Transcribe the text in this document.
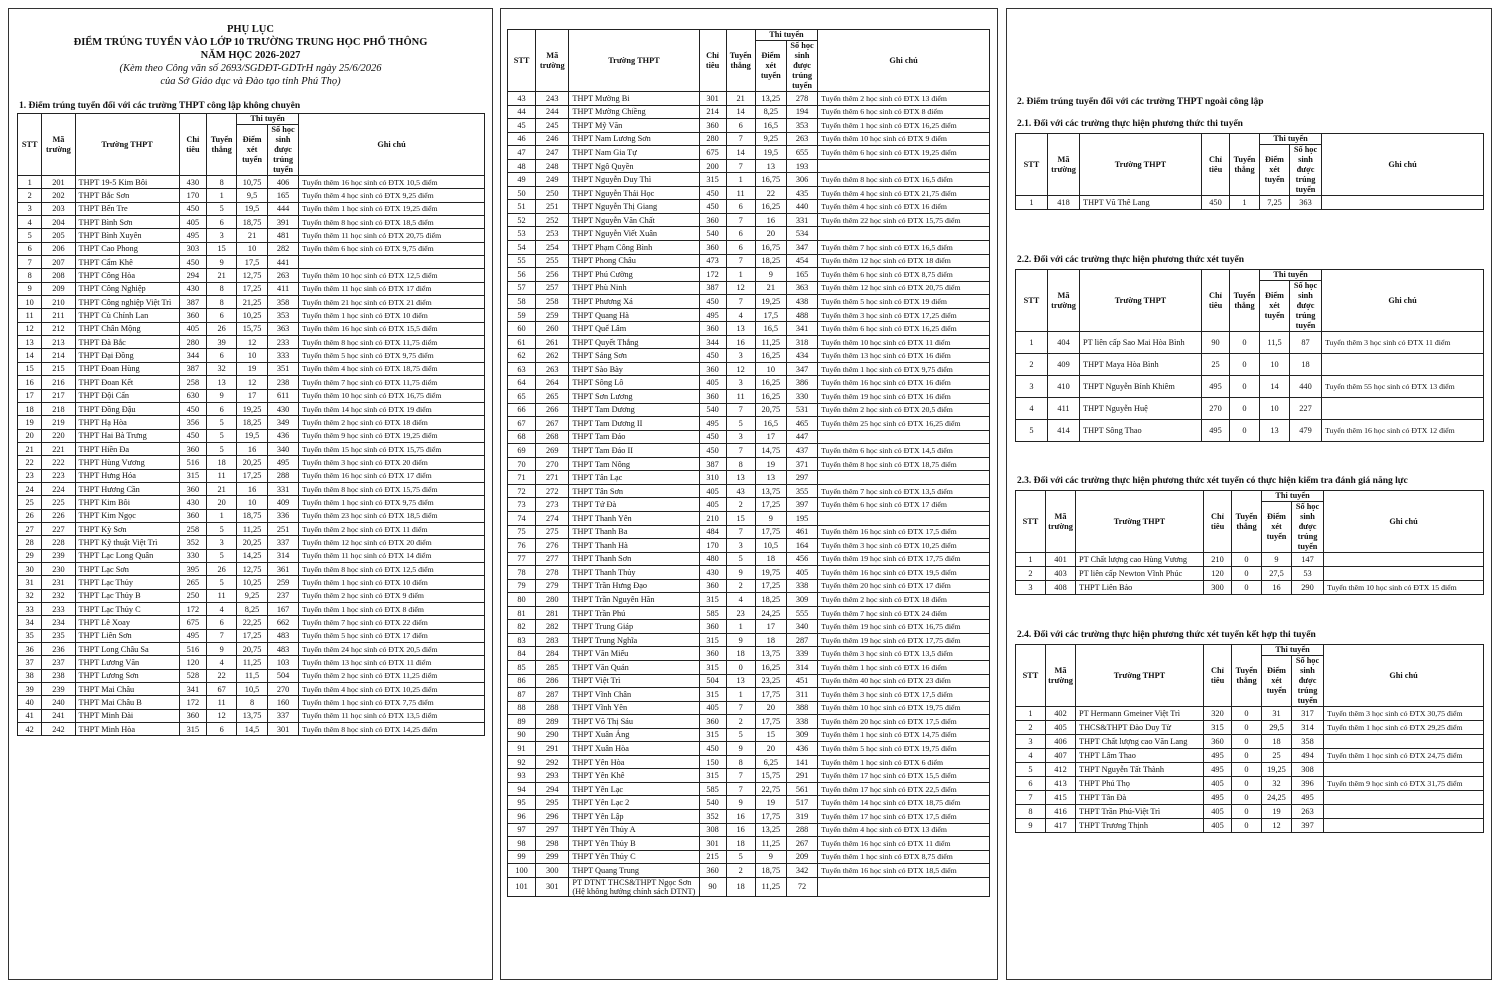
PHỤ LỤC
ĐIỂM TRÚNG TUYỂN VÀO LỚP 10 TRƯỜNG TRUNG HỌC PHỔ THÔNG
NĂM HỌC 2026-2027
(Kèm theo Công văn số 2693/SGDĐT-GDTrH ngày 25/6/2026
của Sở Giáo dục và Đào tạo tỉnh Phú Thọ)
1. Điểm trúng tuyển đối với các trường THPT công lập không chuyên
STT	Mã trường	Trường THPT	Chỉ tiêu	Tuyển thẳng	Thi tuyển		Ghi chú
					Điểm xét tuyển	Số học sinh được trúng tuyển	
1	201	THPT 19-5 Kim Bôi	430	8	10,75	406	Tuyển thêm 16 học sinh có ĐTX 10,5 điểm
2	202	THPT Bắc Sơn	170	1	9,5	165	Tuyển thêm 4 học sinh có ĐTX 9,25 điểm
3	203	THPT Bến Tre	450	5	19,5	444	Tuyển thêm 1 học sinh có ĐTX 19,25 điểm
4	204	THPT Bình Sơn	405	6	18,75	391	Tuyển thêm 8 học sinh có ĐTX 18,5 điểm
5	205	THPT Bình Xuyên	495	3	21	481	Tuyển thêm 11 học sinh có ĐTX 20,75 điểm
6	206	THPT Cao Phong	303	15	10	282	Tuyển thêm 6 học sinh có ĐTX 9,75 điểm
7	207	THPT Cẩm Khê	450	9	17,5	441	
8	208	THPT Công Hòa	294	21	12,75	263	Tuyển thêm 10 học sinh có ĐTX 12,5 điểm
9	209	THPT Công Nghiệp	430	8	17,25	411	Tuyển thêm 11 học sinh có ĐTX 17 điểm
10	210	THPT Công nghiệp Việt Trì	387	8	21,25	358	Tuyển thêm 21 học sinh có ĐTX 21 điểm
11	211	THPT Cù Chính Lan	360	6	10,25	353	Tuyển thêm 1 học sinh có ĐTX 10 điểm
12	212	THPT Chân Mộng	405	26	15,75	363	Tuyển thêm 16 học sinh có ĐTX 15,5 điểm
13	213	THPT Đà Bắc	280	39	12	233	Tuyển thêm 8 học sinh có ĐTX 11,75 điểm
14	214	THPT Đại Đồng	344	6	10	333	Tuyển thêm 5 học sinh có ĐTX 9,75 điểm
15	215	THPT Đoan Hùng	387	32	19	351	Tuyển thêm 4 học sinh có ĐTX 18,75 điểm
16	216	THPT Đoan Kết	258	13	12	238	Tuyển thêm 7 học sinh có ĐTX 11,75 điểm
17	217	THPT Đội Cấn	630	9	17	611	Tuyển thêm 10 học sinh có ĐTX 16,75 điểm
18	218	THPT Đồng Đậu	450	6	19,25	430	Tuyển thêm 14 học sinh có ĐTX 19 điểm
19	219	THPT Hạ Hòa	356	5	18,25	349	Tuyển thêm 2 học sinh có ĐTX 18 điểm
20	220	THPT Hai Bà Trưng	450	5	19,5	436	Tuyển thêm 9 học sinh có ĐTX 19,25 điểm
21	221	THPT Hiền Đa	360	5	16	340	Tuyển thêm 15 học sinh có ĐTX 15,75 điểm
22	222	THPT Hùng Vương	516	18	20,25	495	Tuyển thêm 3 học sinh có ĐTX 20 điểm
23	223	THPT Hưng Hóa	315	11	17,25	288	Tuyển thêm 16 học sinh có ĐTX 17 điểm
24	224	THPT Hương Cần	360	21	16	331	Tuyển thêm 8 học sinh có ĐTX 15,75 điểm
25	225	THPT Kim Bôi	430	20	10	409	Tuyển thêm 1 học sinh có ĐTX 9,75 điểm
26	226	THPT Kim Ngọc	360	1	18,75	336	Tuyển thêm 23 học sinh có ĐTX 18,5 điểm
27	227	THPT Kỳ Sơn	258	5	11,25	251	Tuyển thêm 2 học sinh có ĐTX 11 điểm
28	228	THPT Kỹ thuật Việt Trì	352	3	20,25	337	Tuyển thêm 12 học sinh có ĐTX 20 điểm
29	239	THPT Lạc Long Quân	330	5	14,25	314	Tuyển thêm 11 học sinh có ĐTX 14 điểm
30	230	THPT Lạc Sơn	395	26	12,75	361	Tuyển thêm 8 học sinh có ĐTX 12,5 điểm
31	231	THPT Lạc Thủy	265	5	10,25	259	Tuyển thêm 1 học sinh có ĐTX 10 điểm
32	232	THPT Lạc Thủy B	250	11	9,25	237	Tuyển thêm 2 học sinh có ĐTX 9 điểm
33	233	THPT Lạc Thủy C	172	4	8,25	167	Tuyển thêm 1 học sinh có ĐTX 8 điểm
34	234	THPT Lê Xoay	675	6	22,25	662	Tuyển thêm 7 học sinh có ĐTX 22 điểm
35	235	THPT Liên Sơn	495	7	17,25	483	Tuyển thêm 5 học sinh có ĐTX 17 điểm
36	236	THPT Long Châu Sa	516	9	20,75	483	Tuyển thêm 24 học sinh có ĐTX 20,5 điểm
37	237	THPT Lương Văn	120	4	11,25	103	Tuyển thêm 13 học sinh có ĐTX 11 điểm
38	238	THPT Lương Sơn	528	22	11,5	504	Tuyển thêm 2 học sinh có ĐTX 11,25 điểm
39	239	THPT Mai Châu	341	67	10,5	270	Tuyển thêm 4 học sinh có ĐTX 10,25 điểm
40	240	THPT Mai Châu B	172	11	8	160	Tuyển thêm 1 học sinh có ĐTX 7,75 điểm
41	241	THPT Minh Đài	360	12	13,75	337	Tuyển thêm 11 học sinh có ĐTX 13,5 điểm
42	242	THPT Minh Hòa	315	6	14,5	301	Tuyển thêm 8 học sinh có ĐTX 14,25 điểm
STT	Mã trường	Trường THPT	Chỉ tiêu	Tuyển thẳng	Thi tuyển		Ghi chú
					Điểm xét tuyển	Số học sinh được trúng tuyển	
43	243	THPT Mường Bi	301	21	13,25	278	Tuyển thêm 2 học sinh có ĐTX 13 điểm
44	244	THPT Mường Chiềng	214	14	8,25	194	Tuyển thêm 6 học sinh có ĐTX 8 điểm
45	245	THPT Mỹ Văn	360	6	16,5	353	Tuyển thêm 1 học sinh có ĐTX 16,25 điểm
46	246	THPT Nam Lương Sơn	280	7	9,25	263	Tuyển thêm 10 học sinh có ĐTX 9 điểm
47	247	THPT Nam Gia Tự	675	14	19,5	655	Tuyển thêm 6 học sinh có ĐTX 19,25 điểm
48	248	THPT Ngô Quyền	200	7	13	193	
49	249	THPT Nguyễn Duy Thì	315	1	16,75	306	Tuyển thêm 8 học sinh có ĐTX 16,5 điểm
50	250	THPT Nguyễn Thái Học	450	11	22	435	Tuyển thêm 4 học sinh có ĐTX 21,75 điểm
51	251	THPT Nguyễn Thị Giang	450	6	16,25	440	Tuyển thêm 4 học sinh có ĐTX 16 điểm
52	252	THPT Nguyễn Văn Chất	360	7	16	331	Tuyển thêm 22 học sinh có ĐTX 15,75 điểm
53	253	THPT Nguyễn Viết Xuân	540	6	20	534	
54	254	THPT Phạm Công Bình	360	6	16,75	347	Tuyển thêm 7 học sinh có ĐTX 16,5 điểm
55	255	THPT Phong Châu	473	7	18,25	454	Tuyển thêm 12 học sinh có ĐTX 18 điểm
56	256	THPT Phú Cường	172	1	9	165	Tuyển thêm 6 học sinh có ĐTX 8,75 điểm
57	257	THPT Phù Ninh	387	12	21	363	Tuyển thêm 12 học sinh có ĐTX 20,75 điểm
58	258	THPT Phương Xá	450	7	19,25	438	Tuyển thêm 5 học sinh có ĐTX 19 điểm
59	259	THPT Quang Hà	495	4	17,5	488	Tuyển thêm 3 học sinh có ĐTX 17,25 điểm
60	260	THPT Quế Lâm	360	13	16,5	341	Tuyển thêm 6 học sinh có ĐTX 16,25 điểm
61	261	THPT Quyết Thắng	344	16	11,25	318	Tuyển thêm 10 học sinh có ĐTX 11 điểm
62	262	THPT Sáng Sơn	450	3	16,25	434	Tuyển thêm 13 học sinh có ĐTX 16 điểm
63	263	THPT Sào Bày	360	12	10	347	Tuyển thêm 1 học sinh có ĐTX 9,75 điểm
64	264	THPT Sông Lô	405	3	16,25	386	Tuyển thêm 16 học sinh có ĐTX 16 điểm
65	265	THPT Sơn Lương	360	11	16,25	330	Tuyển thêm 19 học sinh có ĐTX 16 điểm
66	266	THPT Tam Dương	540	7	20,75	531	Tuyển thêm 2 học sinh có ĐTX 20,5 điểm
67	267	THPT Tam Dương II	495	5	16,5	465	Tuyển thêm 25 học sinh có ĐTX 16,25 điểm
68	268	THPT Tam Đảo	450	3	17	447	
69	269	THPT Tam Đảo II	450	7	14,75	437	Tuyển thêm 6 học sinh có ĐTX 14,5 điểm
70	270	THPT Tam Nông	387	8	19	371	Tuyển thêm 8 học sinh có ĐTX 18,75 điểm
71	271	THPT Tân Lạc	310	13	13	297	
72	272	THPT Tân Sơn	405	43	13,75	355	Tuyển thêm 7 học sinh có ĐTX 13,5 điểm
73	273	THPT Tứ Đà	405	2	17,25	397	Tuyển thêm 6 học sinh có ĐTX 17 điểm
74	274	THPT Thanh Yên	210	15	9	195	
75	275	THPT Thanh Ba	484	7	17,75	461	Tuyển thêm 16 học sinh có ĐTX 17,5 điểm
76	276	THPT Thanh Hà	170	3	10,5	164	Tuyển thêm 3 học sinh có ĐTX 10,25 điểm
77	277	THPT Thanh Sơn	480	5	18	456	Tuyển thêm 19 học sinh có ĐTX 17,75 điểm
78	278	THPT Thanh Thủy	430	9	19,75	405	Tuyển thêm 16 học sinh có ĐTX 19,5 điểm
79	279	THPT Trần Hưng Đạo	360	2	17,25	338	Tuyển thêm 20 học sinh có ĐTX 17 điểm
80	280	THPT Trần Nguyên Hãn	315	4	18,25	309	Tuyển thêm 2 học sinh có ĐTX 18 điểm
81	281	THPT Trần Phú	585	23	24,25	555	Tuyển thêm 7 học sinh có ĐTX 24 điểm
82	282	THPT Trung Giáp	360	1	17	340	Tuyển thêm 19 học sinh có ĐTX 16,75 điểm
83	283	THPT Trung Nghĩa	315	9	18	287	Tuyển thêm 19 học sinh có ĐTX 17,75 điểm
84	284	THPT Văn Miếu	360	18	13,75	339	Tuyển thêm 3 học sinh có ĐTX 13,5 điểm
85	285	THPT Văn Quán	315	0	16,25	314	Tuyển thêm 1 học sinh có ĐTX 16 điểm
86	286	THPT Việt Trì	504	13	23,25	451	Tuyển thêm 40 học sinh có ĐTX 23 điểm
87	287	THPT Vĩnh Chân	315	1	17,75	311	Tuyển thêm 3 học sinh có ĐTX 17,5 điểm
88	288	THPT Vĩnh Yên	405	7	20	388	Tuyển thêm 10 học sinh có ĐTX 19,75 điểm
89	289	THPT Võ Thị Sáu	360	2	17,75	338	Tuyển thêm 20 học sinh có ĐTX 17,5 điểm
90	290	THPT Xuân Áng	315	5	15	309	Tuyển thêm 1 học sinh có ĐTX 14,75 điểm
91	291	THPT Xuân Hòa	450	9	20	436	Tuyển thêm 5 học sinh có ĐTX 19,75 điểm
92	292	THPT Yên Hòa	150	8	6,25	141	Tuyển thêm 1 học sinh có ĐTX 6 điểm
93	293	THPT Yên Khê	315	7	15,75	291	Tuyển thêm 17 học sinh có ĐTX 15,5 điểm
94	294	THPT Yên Lạc	585	7	22,75	561	Tuyển thêm 17 học sinh có ĐTX 22,5 điểm
95	295	THPT Yên Lạc 2	540	9	19	517	Tuyển thêm 14 học sinh có ĐTX 18,75 điểm
96	296	THPT Yên Lập	352	16	17,75	319	Tuyển thêm 17 học sinh có ĐTX 17,5 điểm
97	297	THPT Yên Thủy A	308	16	13,25	288	Tuyển thêm 4 học sinh có ĐTX 13 điểm
98	298	THPT Yên Thủy B	301	18	11,25	267	Tuyển thêm 16 học sinh có ĐTX 11 điểm
99	299	THPT Yên Thủy C	215	5	9	209	Tuyển thêm 1 học sinh có ĐTX 8,75 điểm
100	300	THPT Quang Trung	360	2	18,75	342	Tuyển thêm 16 học sinh có ĐTX 18,5 điểm
101	301	PT DTNT THCS&THPT Ngọc Sơn (Hệ không hưởng chính sách DTNT)	90	18	11,25	72	
2. Điểm trúng tuyển đối với các trường THPT ngoài công lập
2.1. Đối với các trường thực hiện phương thức thi tuyển
STT	Mã trường	Trường THPT	Chỉ tiêu	Tuyển thẳng	Thi tuyển		Ghi chú
					Điểm xét tuyển	Số học sinh được trúng tuyển	
1	418	THPT Vũ Thê Lang	450	1	7,25	363	
2.2. Đối với các trường thực hiện phương thức xét tuyển
STT	Mã trường	Trường THPT	Chỉ tiêu	Tuyển thẳng	Thi tuyển		Ghi chú
					Điểm xét tuyển	Số học sinh được trúng tuyển	
1	404	PT liên cấp Sao Mai Hòa Bình	90	0	11,5	87	Tuyển thêm 3 học sinh có ĐTX 11 điểm
2	409	THPT Maya Hòa Bình	25	0	10	18	
3	410	THPT Nguyễn Bỉnh Khiêm	495	0	14	440	Tuyển thêm 55 học sinh có ĐTX 13 điểm
4	411	THPT Nguyễn Huệ	270	0	10	227	
5	414	THPT Sông Thao	495	0	13	479	Tuyển thêm 16 học sinh có ĐTX 12 điểm
2.3. Đối với các trường thực hiện phương thức xét tuyển có thực hiện kiểm tra đánh giá năng lực
STT	Mã trường	Trường THPT	Chỉ tiêu	Tuyển thẳng	Thi tuyển		Ghi chú
					Điểm xét tuyển	Số học sinh được trúng tuyển	
1	401	PT Chất lượng cao Hùng Vương	210	0	9	147	
2	403	PT liên cấp Newton Vĩnh Phúc	120	0	27,5	53	
3	408	THPT Liên Bảo	300	0	16	290	Tuyển thêm 10 học sinh có ĐTX 15 điểm
2.4. Đối với các trường thực hiện phương thức xét tuyển kết hợp thi tuyển
STT	Mã trường	Trường THPT	Chỉ tiêu	Tuyển thẳng	Thi tuyển		Ghi chú
					Điểm xét tuyển	Số học sinh được trúng tuyển	
1	402	PT Hermann Gmeiner Việt Trì	320	0	31	317	Tuyển thêm 3 học sinh có ĐTX 30,75 điểm
2	405	THCS&THPT Đào Duy Từ	315	0	29,5	314	Tuyển thêm 1 học sinh có ĐTX 29,25 điểm
3	406	THPT Chất lượng cao Văn Lang	360	0	18	358	
4	407	THPT Lâm Thao	495	0	25	494	Tuyển thêm 1 học sinh có ĐTX 24,75 điểm
5	412	THPT Nguyễn Tất Thành	495	0	19,25	308	
6	413	THPT Phú Thọ	405	0	32	396	Tuyển thêm 9 học sinh có ĐTX 31,75 điểm
7	415	THPT Tân Đà	495	0	24,25	495	
8	416	THPT Trần Phú-Việt Trì	405	0	19	263	
9	417	THPT Trương Thịnh	405	0	12	397	
